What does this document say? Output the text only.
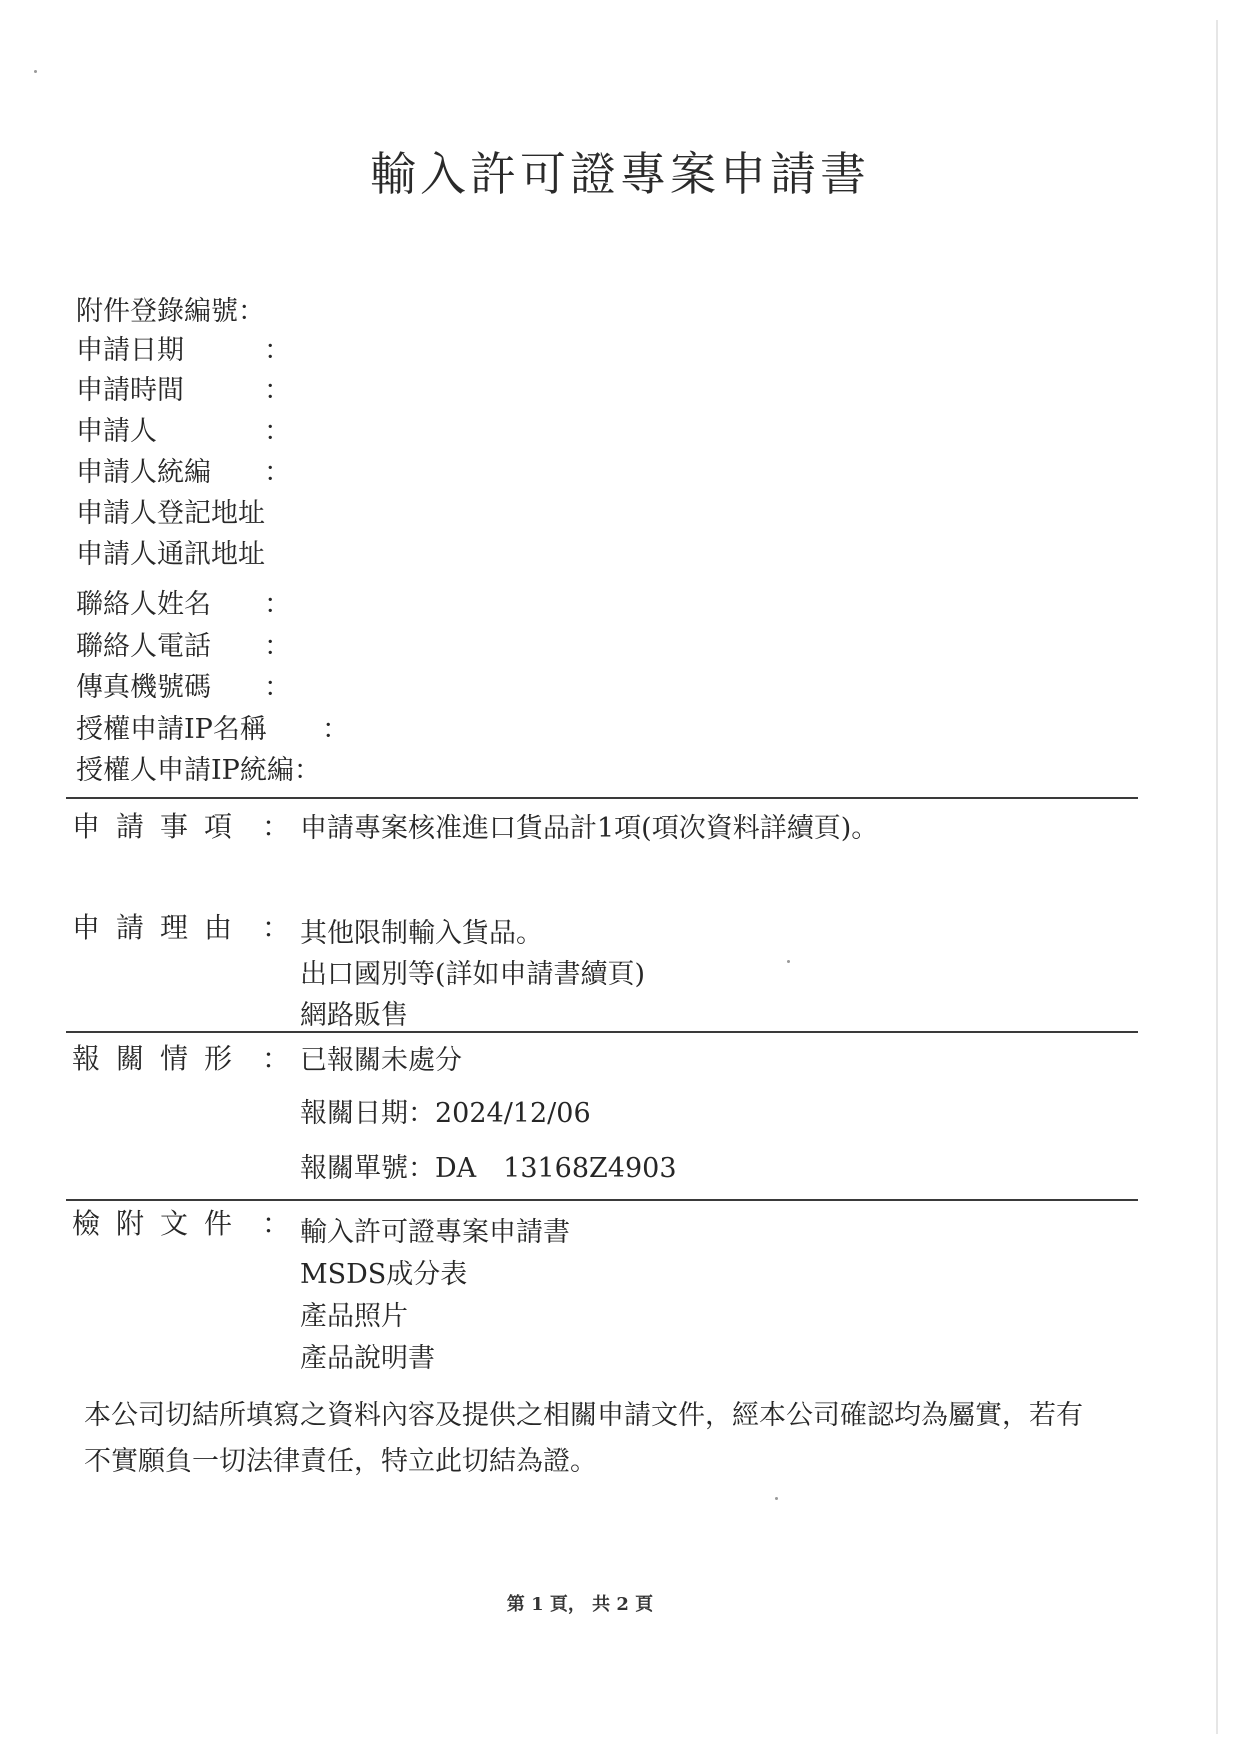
輸入許可證專案申請書
附件登錄編號：
申請日期	：
申請時間	：
申請人	：
申請人統編 ：
申請人登記地址
申請人通訊地址
聯絡人姓名 ：
聯絡人電話 ：
傳真機號碼 ：
授權申請IP名稱 ：
授權人申請IP統編：
申請事項 ： 申請專案核准進口貨品計1項(項次資料詳續頁)。
申請理由 ： 其他限制輸入貨品。
出口國別等(詳如申請書續頁)
網路販售
報關情形 ： 已報關未處分
報關日期：2024/12/06
報關單號：DA　13168Z4903
檢附文件 ： 輸入許可證專案申請書
MSDS成分表
產品照片
產品說明書
本公司切結所填寫之資料內容及提供之相關申請文件，經本公司確認均為屬實，若有不實願負一切法律責任，特立此切結為證。
第 1 頁， 共 2 頁
